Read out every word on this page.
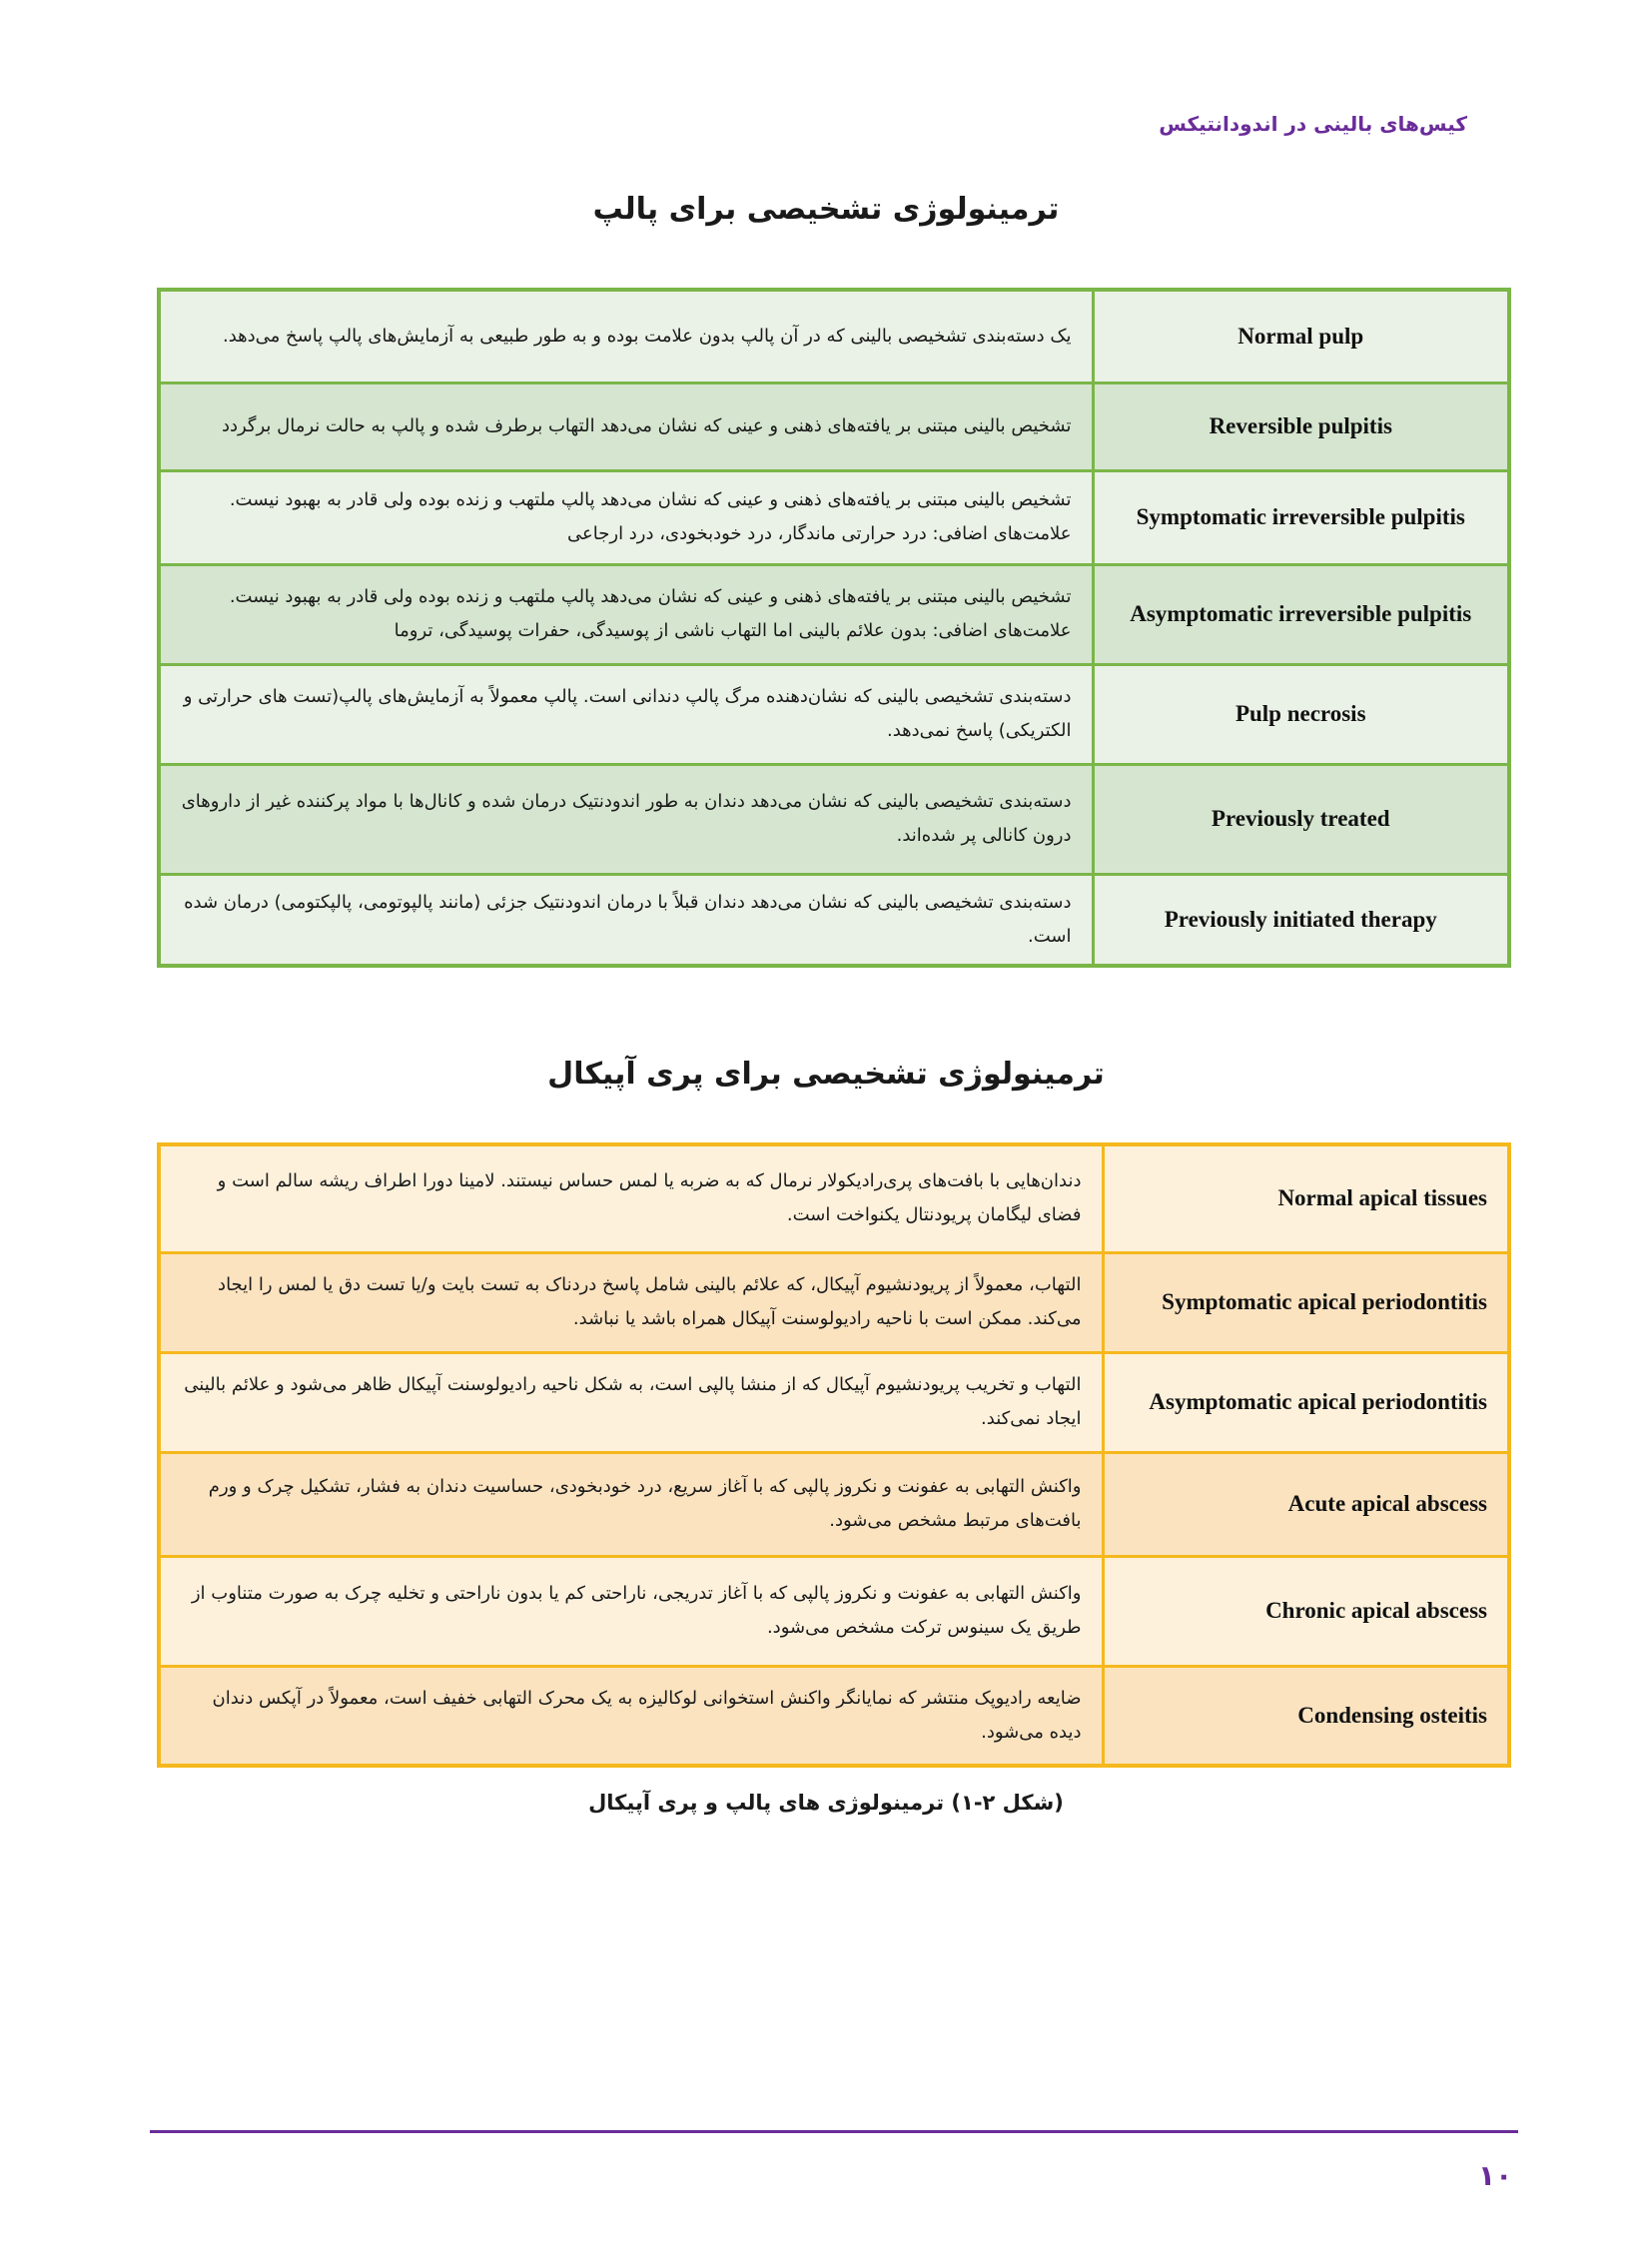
کیس‌های بالینی در اندودانتیکس
ترمینولوژی تشخیصی برای پالپ
یک دسته‌بندی تشخیصی بالینی که در آن پالپ بدون علامت بوده و به طور طبیعی به آزمایش‌های پالپ پاسخ می‌دهد.	Normal pulp
تشخیص بالینی مبتنی بر یافته‌های ذهنی و عینی که نشان می‌دهد التهاب برطرف شده و پالپ به حالت نرمال برگردد	Reversible pulpitis
تشخیص بالینی مبتنی بر یافته‌های ذهنی و عینی که نشان می‌دهد پالپ ملتهب و زنده بوده ولی قادر به بهبود نیست. علامت‌های اضافی: درد حرارتی ماندگار، درد خودبخودی، درد ارجاعی	Symptomatic irreversible pulpitis
تشخیص بالینی مبتنی بر یافته‌های ذهنی و عینی که نشان می‌دهد پالپ ملتهب و زنده بوده ولی قادر به بهبود نیست. علامت‌های اضافی: بدون علائم بالینی اما التهاب ناشی از پوسیدگی، حفرات پوسیدگی، تروما	Asymptomatic irreversible pulpitis
دسته‌بندی تشخیصی بالینی که نشان‌دهنده مرگ پالپ دندانی است. پالپ معمولاً به آزمایش‌های پالپ(تست های حرارتی و الکتریکی) پاسخ نمی‌دهد.	Pulp necrosis
دسته‌بندی تشخیصی بالینی که نشان می‌دهد دندان به طور اندودنتیک درمان شده و کانال‌ها با مواد پرکننده غیر از داروهای درون کانالی پر شده‌اند.	Previously treated
دسته‌بندی تشخیصی بالینی که نشان می‌دهد دندان قبلاً با درمان اندودنتیک جزئی (مانند پالپوتومی، پالپکتومی) درمان شده است.	Previously initiated therapy
ترمینولوژی تشخیصی برای پری آپیکال
دندان‌هایی با بافت‌های پری‌رادیکولار نرمال که به ضربه یا لمس حساس نیستند. لامینا دورا اطراف ریشه سالم است و فضای لیگامان پریودنتال یکنواخت است.	Normal apical tissues
التهاب، معمولاً از پریودنشیوم آپیکال، که علائم بالینی شامل پاسخ دردناک به تست بایت و/یا تست دق یا لمس را ایجاد می‌کند. ممکن است با ناحیه رادیولوسنت آپیکال همراه باشد یا نباشد.	Symptomatic apical periodontitis
التهاب و تخریب پریودنشیوم آپیکال که از منشا پالپی است، به شکل ناحیه رادیولوسنت آپیکال ظاهر می‌شود و علائم بالینی ایجاد نمی‌کند.	Asymptomatic apical periodontitis
واکنش التهابی به عفونت و نکروز پالپی که با آغاز سریع، درد خودبخودی، حساسیت دندان به فشار، تشکیل چرک و ورم بافت‌های مرتبط مشخص می‌شود.	Acute apical abscess
واکنش التهابی به عفونت و نکروز پالپی که با آغاز تدریجی، ناراحتی کم یا بدون ناراحتی و تخلیه چرک به صورت متناوب از طریق یک سینوس ترکت مشخص می‌شود.	Chronic apical abscess
ضایعه رادیوپک منتشر که نمایانگر واکنش استخوانی لوکالیزه به یک محرک التهابی خفیف است، معمولاً در آپکس دندان دیده می‌شود.	Condensing osteitis
(شکل ۲-۱) ترمینولوژی های پالپ و پری آپیکال
۱۰
